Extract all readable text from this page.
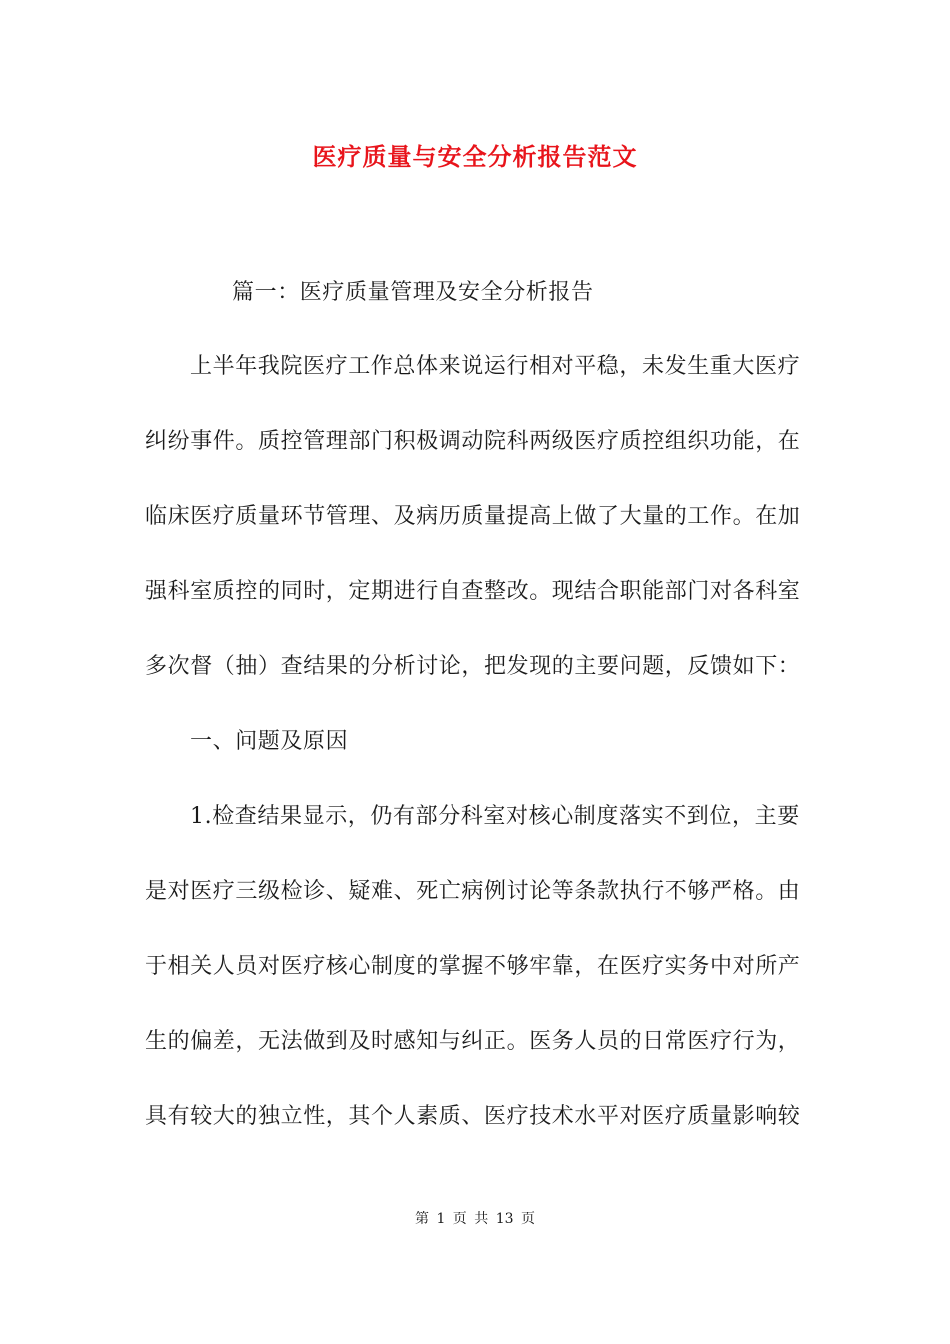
医疗质量与安全分析报告范文
篇一：医疗质量管理及安全分析报告
上半年我院医疗工作总体来说运行相对平稳，未发生重大医疗
纠纷事件。质控管理部门积极调动院科两级医疗质控组织功能，在
临床医疗质量环节管理、及病历质量提高上做了大量的工作。在加
强科室质控的同时，定期进行自查整改。现结合职能部门对各科室
多次督（抽）查结果的分析讨论，把发现的主要问题，反馈如下：
一、问题及原因
1.检查结果显示，仍有部分科室对核心制度落实不到位，主要
是对医疗三级检诊、疑难、死亡病例讨论等条款执行不够严格。由
于相关人员对医疗核心制度的掌握不够牢靠，在医疗实务中对所产
生的偏差，无法做到及时感知与纠正。医务人员的日常医疗行为，
具有较大的独立性，其个人素质、医疗技术水平对医疗质量影响较
第 1 页 共 13 页
